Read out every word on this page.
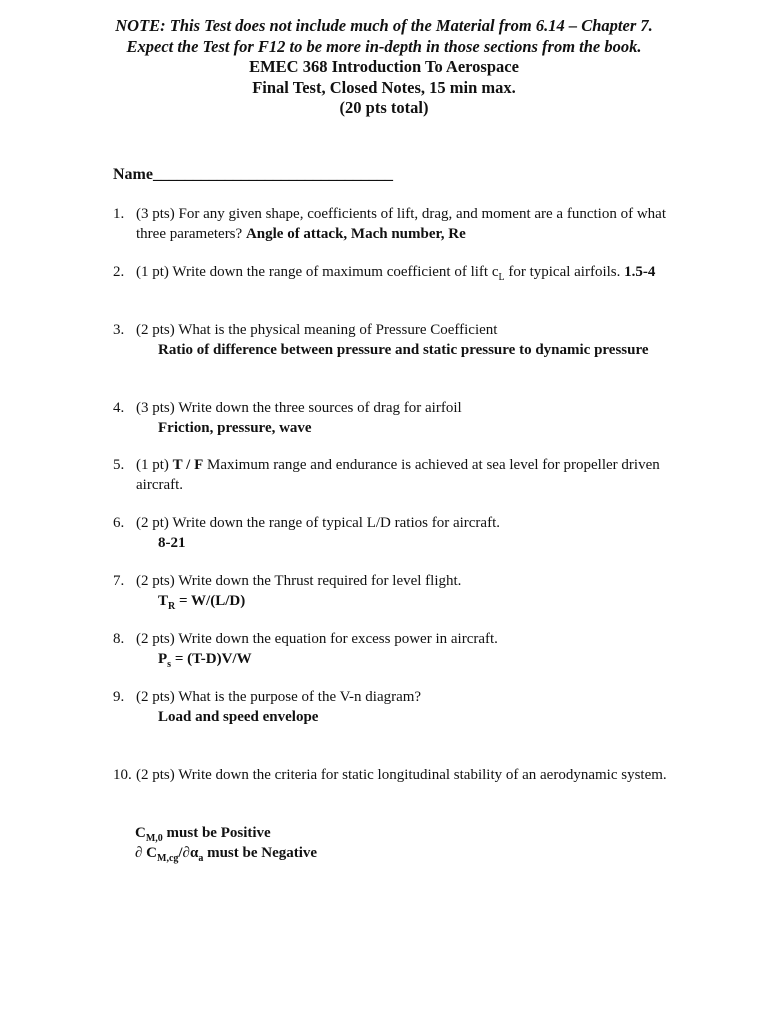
NOTE: This Test does not include much of the Material from 6.14 – Chapter 7. Expect the Test for F12 to be more in-depth in those sections from the book.
EMEC 368 Introduction To Aerospace
Final Test, Closed Notes, 15 min max.
(20 pts total)
Name______________________________
1. (3 pts) For any given shape, coefficients of lift, drag, and moment are a function of what three parameters? Angle of attack, Mach number, Re
2. (1 pt) Write down the range of maximum coefficient of lift $c_L$ for typical airfoils. 1.5-4
3. (2 pts) What is the physical meaning of Pressure Coefficient
Ratio of difference between pressure and static pressure to dynamic pressure
4. (3 pts) Write down the three sources of drag for airfoil
Friction, pressure, wave
5. (1 pt) T / F Maximum range and endurance is achieved at sea level for propeller driven aircraft.
6. (2 pt) Write down the range of typical L/D ratios for aircraft.
8-21
7. (2 pts) Write down the Thrust required for level flight.
$T_R = W/(L/D)$
8. (2 pts) Write down the equation for excess power in aircraft.
$P_s = (T-D)V/W$
9. (2 pts) What is the purpose of the V-n diagram?
Load and speed envelope
10. (2 pts) Write down the criteria for static longitudinal stability of an aerodynamic system.
$C_{M,0}$ must be Positive
∂ $C_{M,cg}/\partial\alpha_a$ must be Negative
